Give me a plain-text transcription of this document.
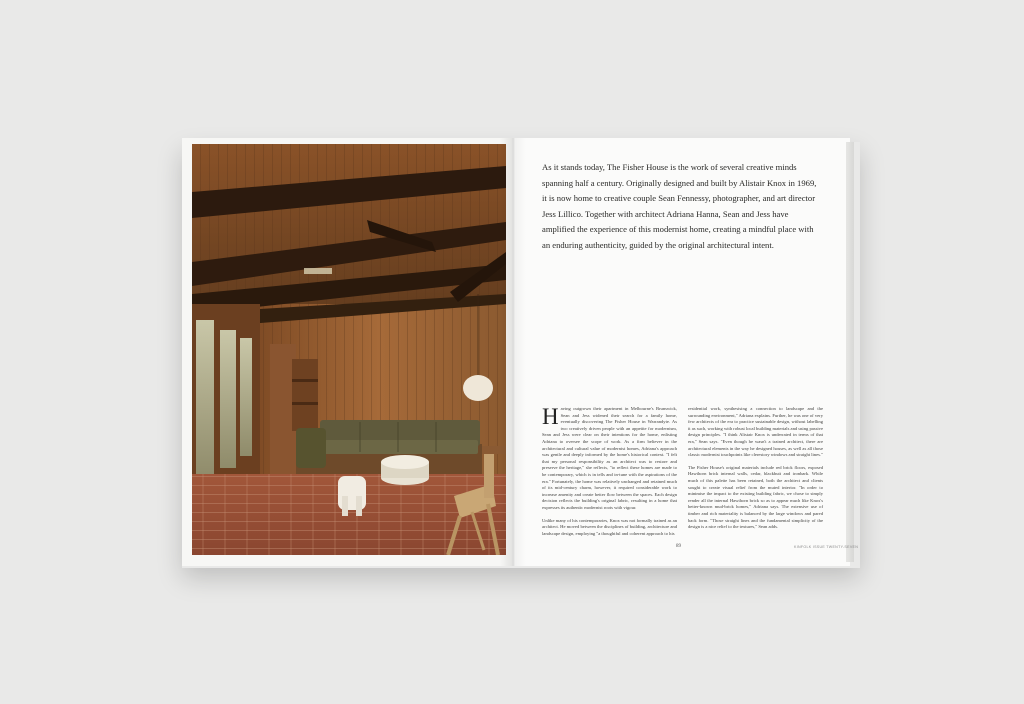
As it stands today, The Fisher House is the work of several creative minds spanning half a century. Originally designed and built by Alistair Knox in 1969, it is now home to creative couple Sean Fennessy, photographer, and art director Jess Lillico. Together with architect Adriana Hanna, Sean and Jess have amplified the experience of this modernist home, creating a mindful place with an enduring authenticity, guided by the original architectural intent.

Having outgrown their apartment in Melbourne's Brunswick, Sean and Jess widened their search for a family home, eventually discovering The Fisher House in Warrandyte. As two creatively driven people with an appetite for modernism, Sean and Jess were clear on their intentions for the home, enlisting Adriana to oversee the scope of work. As a firm believer in the architectural and cultural value of modernist homes, Adriana's approach was gentle and deeply informed by the home's historical context. "I felt that my personal responsibility as an architect was to restore and preserve the heritage," she reflects, "to reflect these homes are made to be contemporary, which is in tells and in-tune with the aspirations of the era." Fortunately, the home was relatively unchanged and retained much of its mid-century charm, however, it required considerable work to increase amenity and create better flow between the spaces. Each design decision reflects the building's original fabric, resulting in a home that expresses its authentic modernist roots with vigour.

Unlike many of his contemporaries, Knox was not formally trained as an architect. He moved between the disciplines of building, architecture and landscape design, employing "a thoughtful and coherent approach to his

residential work, synthesising a connection to landscape and the surrounding environment," Adriana explains. Further, he was one of very few architects of the era to practice sustainable design, without labelling it as such, working with robust local building materials and using passive design principles. "I think Alistair Knox is underrated in terms of that era," Sean says. "Even though he wasn't a trained architect, there are architectural elements in the way he designed houses, as well as all those classic modernist touchpoints like clerestory windows and straight lines."

The Fisher House's original materials include red brick floors, exposed Hawthorn brick internal walls, cedar, blackbutt and ironbark. While much of this palette has been retained, both the architect and clients sought to create visual relief from the muted interior. "In order to minimise the impact to the existing building fabric, we chose to simply render all the internal Hawthorn brick so as to appear much like Knox's better-known mud-brick homes," Adriana says. The extensive use of timber and rich materiality is balanced by the large windows and pared back form. "Those straight lines and the fundamental simplicity of the design is a nice relief to the textures," Sean adds.

89	KINFOLK ISSUE TWENTY-SEVEN
